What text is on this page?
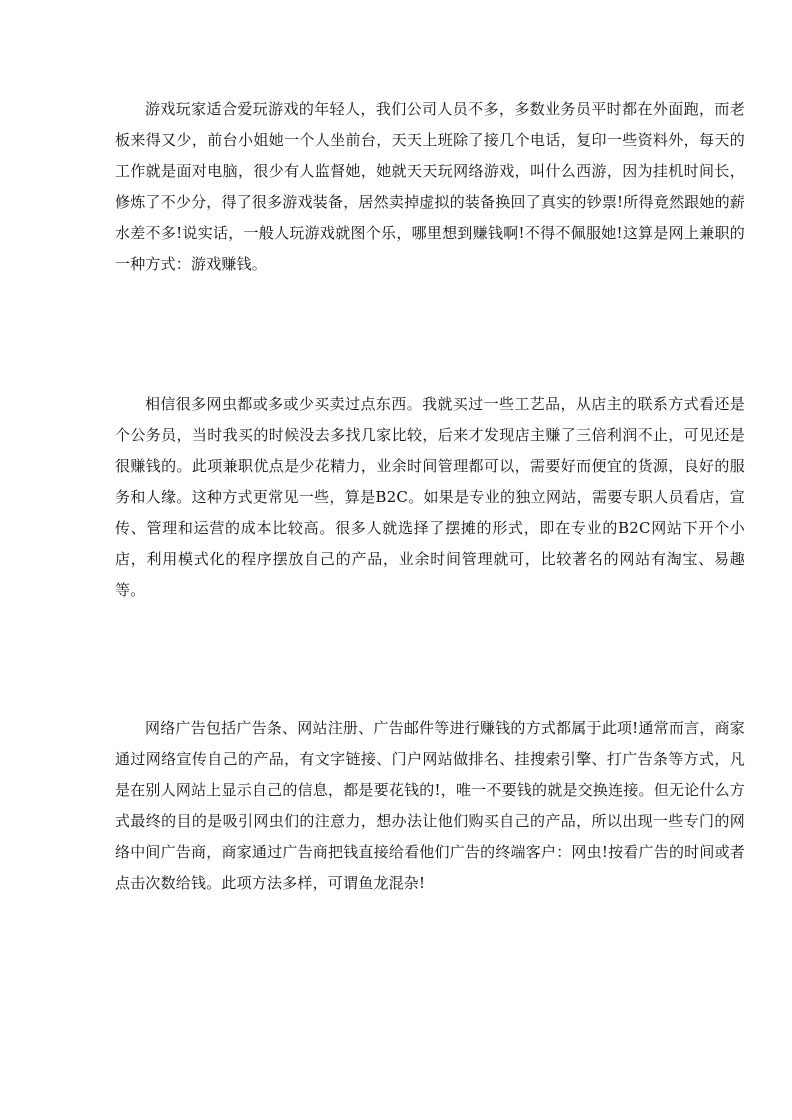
游戏玩家适合爱玩游戏的年轻人，我们公司人员不多，多数业务员平时都在外面跑，而老板来得又少，前台小姐她一个人坐前台，天天上班除了接几个电话，复印一些资料外，每天的工作就是面对电脑，很少有人监督她，她就天天玩网络游戏，叫什么西游，因为挂机时间长，修炼了不少分，得了很多游戏装备，居然卖掉虚拟的装备换回了真实的钞票!所得竟然跟她的薪水差不多!说实话，一般人玩游戏就图个乐，哪里想到赚钱啊!不得不佩服她!这算是网上兼职的一种方式：游戏赚钱。

相信很多网虫都或多或少买卖过点东西。我就买过一些工艺品，从店主的联系方式看还是个公务员，当时我买的时候没去多找几家比较，后来才发现店主赚了三倍利润不止，可见还是很赚钱的。此项兼职优点是少花精力，业余时间管理都可以，需要好而便宜的货源，良好的服务和人缘。这种方式更常见一些，算是B2C。如果是专业的独立网站，需要专职人员看店，宣传、管理和运营的成本比较高。很多人就选择了摆摊的形式，即在专业的B2C网站下开个小店，利用模式化的程序摆放自己的产品，业余时间管理就可，比较著名的网站有淘宝、易趣等。

网络广告包括广告条、网站注册、广告邮件等进行赚钱的方式都属于此项!通常而言，商家通过网络宣传自己的产品，有文字链接、门户网站做排名、挂搜索引擎、打广告条等方式，凡是在别人网站上显示自己的信息，都是要花钱的!，唯一不要钱的就是交换连接。但无论什么方式最终的目的是吸引网虫们的注意力，想办法让他们购买自己的产品，所以出现一些专门的网络中间广告商，商家通过广告商把钱直接给看他们广告的终端客户：网虫!按看广告的时间或者点击次数给钱。此项方法多样，可谓鱼龙混杂!
